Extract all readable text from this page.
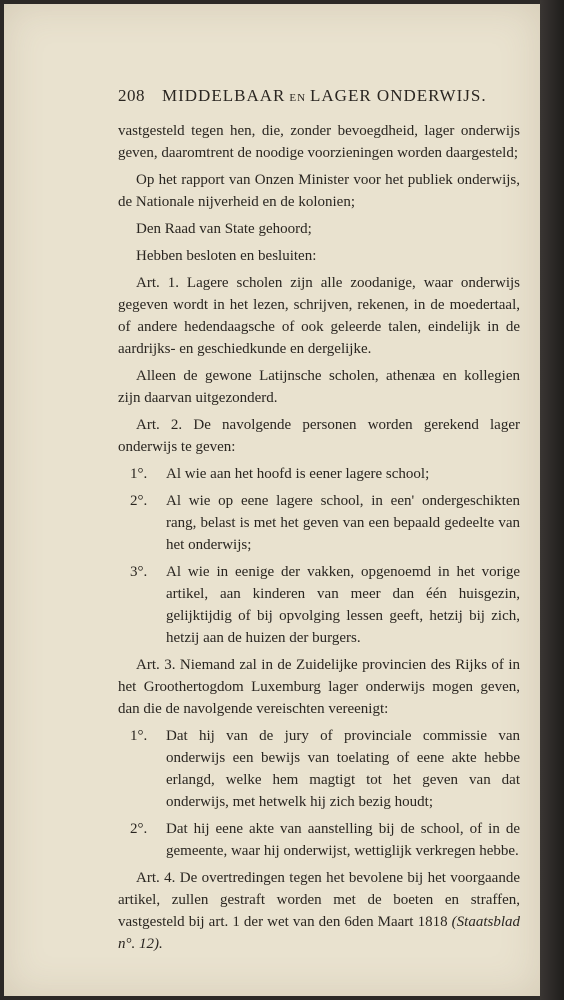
208	MIDDELBAAR EN LAGER ONDERWIJS.

vastgesteld tegen hen, die, zonder bevoegdheid, lager onderwijs geven, daaromtrent de noodige voorzieningen worden daargesteld;

Op het rapport van Onzen Minister voor het publiek onderwijs, de Nationale nijverheid en de kolonien;

Den Raad van State gehoord;

Hebben besloten en besluiten:

Art. 1. Lagere scholen zijn alle zoodanige, waar onderwijs gegeven wordt in het lezen, schrijven, rekenen, in de moedertaal, of andere hedendaagsche of ook geleerde talen, eindelijk in de aardrijks- en geschiedkunde en dergelijke.

Alleen de gewone Latijnsche scholen, athenæa en kollegien zijn daarvan uitgezonderd.

Art. 2. De navolgende personen worden gerekend lager onderwijs te geven:

1°.	Al wie aan het hoofd is eener lagere school;
2°.	Al wie op eene lagere school, in een' ondergeschikten rang, belast is met het geven van een bepaald gedeelte van het onderwijs;
3°.	Al wie in eenige der vakken, opgenoemd in het vorige artikel, aan kinderen van meer dan één huisgezin, gelijktijdig of bij opvolging lessen geeft, hetzij bij zich, hetzij aan de huizen der burgers.

Art. 3. Niemand zal in de Zuidelijke provincien des Rijks of in het Groothertogdom Luxemburg lager onderwijs mogen geven, dan die de navolgende vereischten vereenigt:

1°.	Dat hij van de jury of provinciale commissie van onderwijs een bewijs van toelating of eene akte hebbe erlangd, welke hem magtigt tot het geven van dat onderwijs, met hetwelk hij zich bezig houdt;
2°.	Dat hij eene akte van aanstelling bij de school, of in de gemeente, waar hij onderwijst, wettiglijk verkregen hebbe.

Art. 4. De overtredingen tegen het bevolene bij het voorgaande artikel, zullen gestraft worden met de boeten en straffen, vastgesteld bij art. 1 der wet van den 6den Maart 1818 (Staatsblad n°. 12).
